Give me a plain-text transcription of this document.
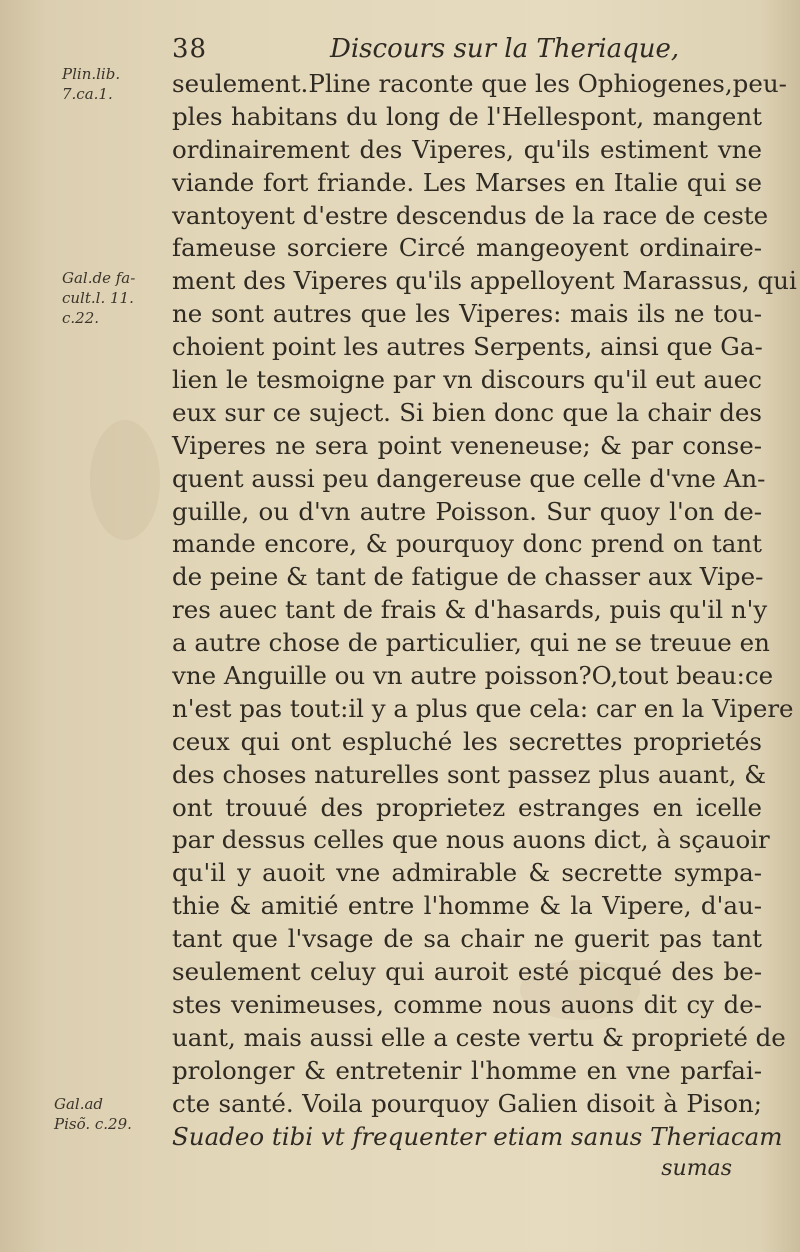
38	Discours sur la Theriaque,
Plin.lib.
7.ca.1.
Gal.de fa-
cult.l. 11.
c.22.
Gal.ad
Pisõ. c.29.
seulement.Pline raconte que les Ophiogenes,peu-
ples habitans du long de l'Hellespont, mangent
ordinairement des Viperes, qu'ils estiment vne
viande fort friande. Les Marses en Italie qui se
vantoyent d'estre descendus de la race de ceste
fameuse sorciere Circé mangeoyent ordinaire-
ment des Viperes qu'ils appelloyent Marassus, qui
ne sont autres que les Viperes: mais ils ne tou-
choient point les autres Serpents, ainsi que Ga-
lien le tesmoigne par vn discours qu'il eut auec
eux sur ce suject. Si bien donc que la chair des
Viperes ne sera point veneneuse; & par conse-
quent aussi peu dangereuse que celle d'vne An-
guille, ou d'vn autre Poisson. Sur quoy l'on de-
mande encore, & pourquoy donc prend on tant
de peine & tant de fatigue de chasser aux Vipe-
res auec tant de frais & d'hasards, puis qu'il n'y
a autre chose de particulier, qui ne se treuue en
vne Anguille ou vn autre poisson?O,tout beau:ce
n'est pas tout:il y a plus que cela: car en la Vipere
ceux qui ont espluché les secrettes proprietés
des choses naturelles sont passez plus auant, &
ont trouué des proprietez estranges en icelle
par dessus celles que nous auons dict, à sçauoir
qu'il y auoit vne admirable & secrette sympa-
thie & amitié entre l'homme & la Vipere, d'au-
tant que l'vsage de sa chair ne guerit pas tant
seulement celuy qui auroit esté picqué des be-
stes venimeuses, comme nous auons dit cy de-
uant, mais aussi elle a ceste vertu & proprieté de
prolonger & entretenir l'homme en vne parfai-
cte santé. Voila pourquoy Galien disoit à Pison;
Suadeo tibi vt frequenter etiam sanus Theriacam
sumas
